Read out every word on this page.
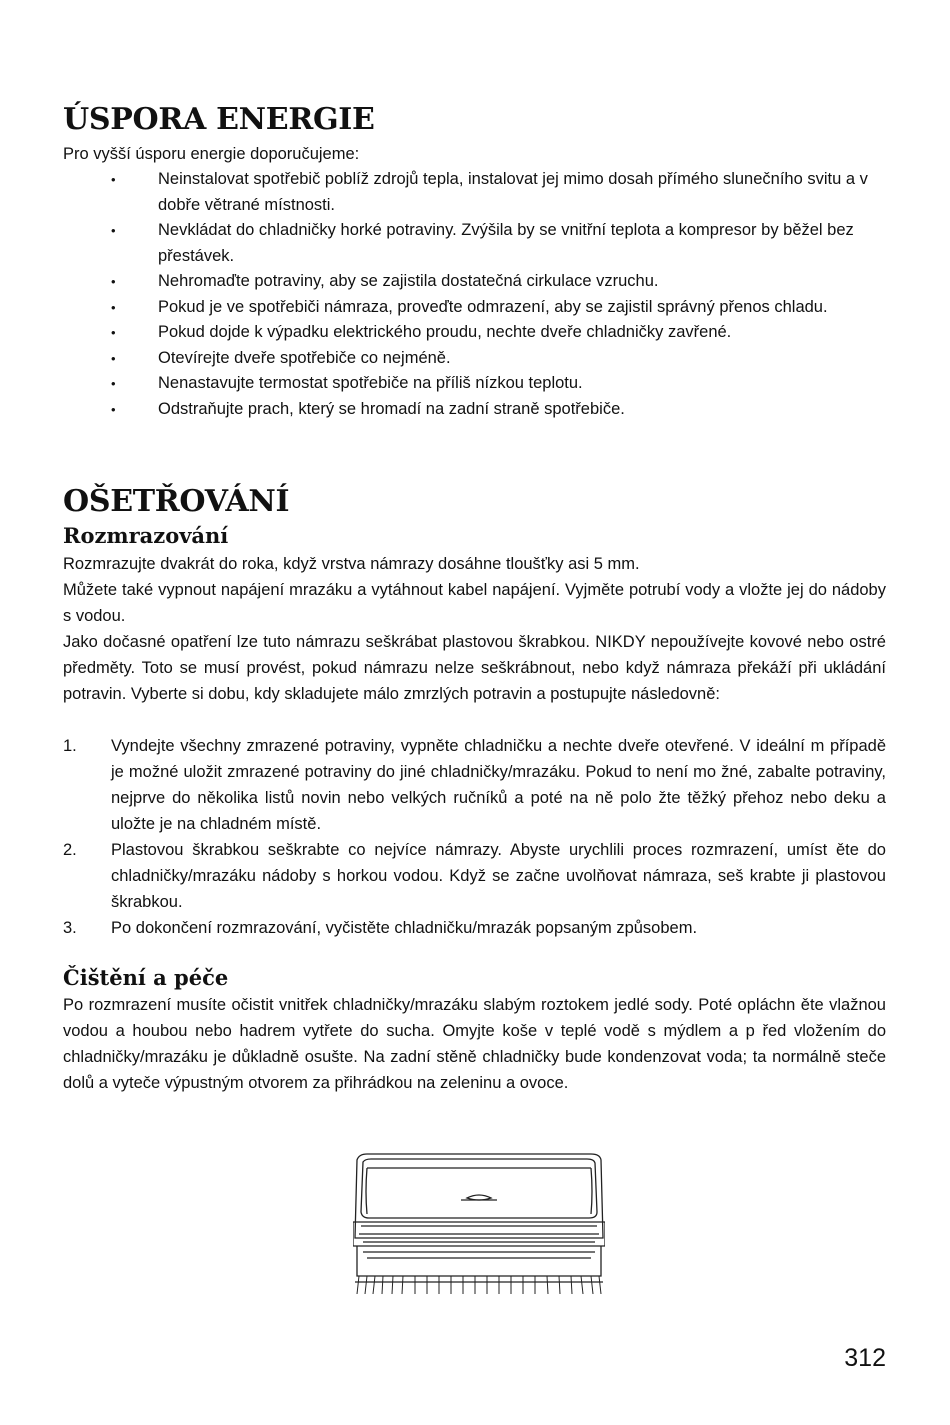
ÚSPORA ENERGIE

Pro vyšší úsporu energie doporučujeme:

•	Neinstalovat spotřebič poblíž zdrojů tepla, instalovat jej mimo dosah přímého slunečního svitu a v dobře větrané místnosti.
•	Nevkládat do chladničky horké potraviny. Zvýšila by se vnitřní teplota a kompresor by běžel bez přestávek.
•	Nehromaďte potraviny, aby se zajistila dostatečná cirkulace vzruchu.
•	Pokud je ve spotřebiči námraza, proveďte odmrazení, aby se zajistil správný přenos chladu.
•	Pokud dojde k výpadku elektrického proudu, nechte dveře chladničky zavřené.
•	Otevírejte dveře spotřebiče co nejméně.
•	Nenastavujte termostat spotřebiče na příliš nízkou teplotu.
•	Odstraňujte prach, který se hromadí na zadní straně spotřebiče.
OŠETŘOVÁNÍ
Rozmrazování

Rozmrazujte dvakrát do roka, když vrstva námrazy dosáhne tloušťky asi 5 mm.

Můžete také vypnout napájení mrazáku a vytáhnout kabel napájení. Vyjměte potrubí vody a vložte jej do nádoby s vodou.

Jako dočasné opatření lze tuto námrazu seškrábat plastovou škrabkou. NIKDY nepoužívejte kovové nebo ostré předměty. Toto se musí provést, pokud námrazu nelze seškrábnout, nebo když námraza překáží při ukládání potravin. Vyberte si dobu, kdy skladujete málo zmrzlých potravin a postupujte následovně:

1. Vyndejte všechny zmrazené potraviny, vypněte chladničku a nechte dveře otevřené. V ideální m případě je možné uložit zmrazené potraviny do jiné chladničky/mrazáku. Pokud to není mo žné, zabalte potraviny, nejprve do několika listů novin nebo velkých ručníků a poté na ně polo žte těžký přehoz nebo deku a uložte je na chladném místě.
2. Plastovou škrabkou seškrabte co nejvíce námrazy. Abyste urychlili proces rozmrazení, umíst ěte do chladničky/mrazáku nádoby s horkou vodou. Když se začne uvolňovat námraza, seš krabte ji plastovou škrabkou.
3. Po dokončení rozmrazování, vyčistěte chladničku/mrazák popsaným způsobem.
Čištění a péče

Po rozmrazení musíte očistit vnitřek chladničky/mrazáku slabým roztokem jedlé sody. Poté opláchn ěte vlažnou vodou a houbou nebo hadrem vytřete do sucha. Omyjte koše v teplé vodě s mýdlem a p řed vložením do chladničky/mrazáku je důkladně osušte. Na zadní stěně chladničky bude kondenzovat voda; ta normálně steče dolů a vyteče výpustným otvorem za přihrádkou na zeleninu a ovoce.

312
